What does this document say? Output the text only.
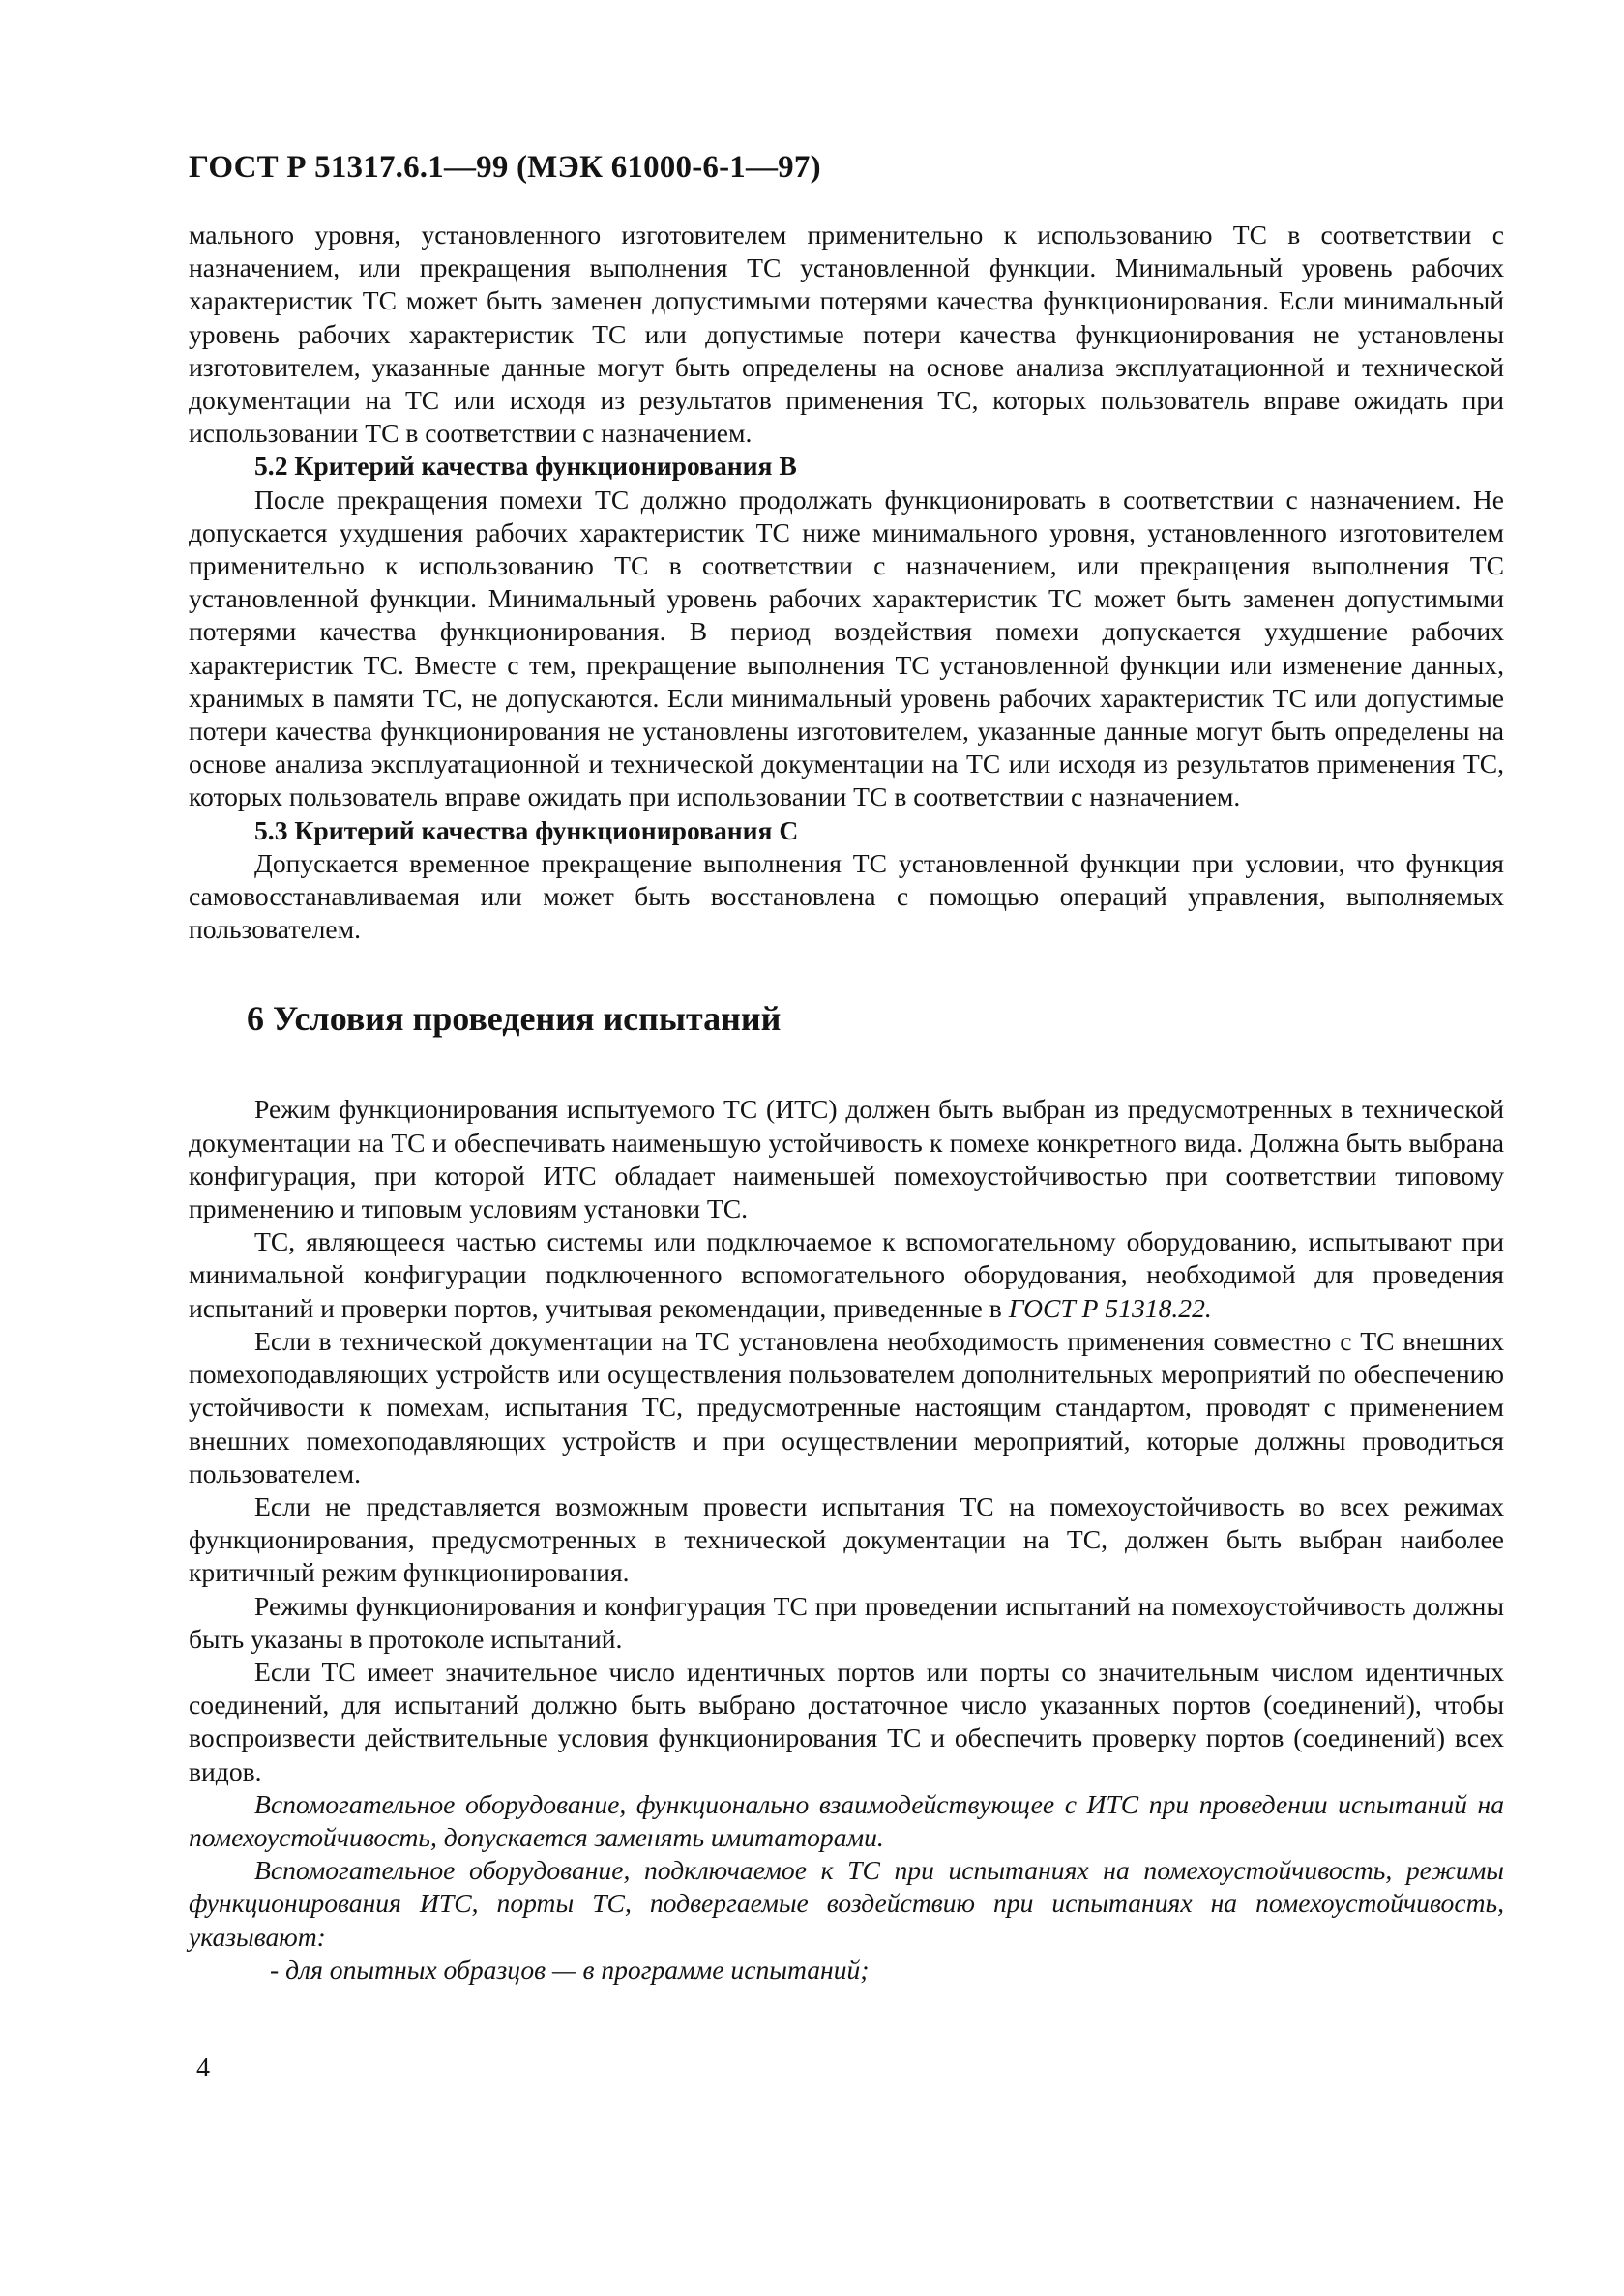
ГОСТ Р 51317.6.1—99 (МЭК 61000-6-1—97)

мального уровня, установленного изготовителем применительно к использованию ТС в соответствии с назначением, или прекращения выполнения ТС установленной функции. Минимальный уровень рабочих характеристик ТС может быть заменен допустимыми потерями качества функционирования. Если минимальный уровень рабочих характеристик ТС или допустимые потери качества функционирования не установлены изготовителем, указанные данные могут быть определены на основе анализа эксплуатационной и технической документации на ТС или исходя из результатов применения ТС, которых пользователь вправе ожидать при использовании ТС в соответствии с назначением.

5.2 Критерий качества функционирования В

После прекращения помехи ТС должно продолжать функционировать в соответствии с назначением. Не допускается ухудшения рабочих характеристик ТС ниже минимального уровня, установленного изготовителем применительно к использованию ТС в соответствии с назначением, или прекращения выполнения ТС установленной функции. Минимальный уровень рабочих характеристик ТС может быть заменен допустимыми потерями качества функционирования. В период воздействия помехи допускается ухудшение рабочих характеристик ТС. Вместе с тем, прекращение выполнения ТС установленной функции или изменение данных, хранимых в памяти ТС, не допускаются. Если минимальный уровень рабочих характеристик ТС или допустимые потери качества функционирования не установлены изготовителем, указанные данные могут быть определены на основе анализа эксплуатационной и технической документации на ТС или исходя из результатов применения ТС, которых пользователь вправе ожидать при использовании ТС в соответствии с назначением.

5.3 Критерий качества функционирования С

Допускается временное прекращение выполнения ТС установленной функции при условии, что функция самовосстанавливаемая или может быть восстановлена с помощью операций управления, выполняемых пользователем.

6 Условия проведения испытаний

Режим функционирования испытуемого ТС (ИТС) должен быть выбран из предусмотренных в технической документации на ТС и обеспечивать наименьшую устойчивость к помехе конкретного вида. Должна быть выбрана конфигурация, при которой ИТС обладает наименьшей помехоустойчивостью при соответствии типовому применению и типовым условиям установки ТС.

ТС, являющееся частью системы или подключаемое к вспомогательному оборудованию, испытывают при минимальной конфигурации подключенного вспомогательного оборудования, необходимой для проведения испытаний и проверки портов, учитывая рекомендации, приведенные в ГОСТ Р 51318.22.

Если в технической документации на ТС установлена необходимость применения совместно с ТС внешних помехоподавляющих устройств или осуществления пользователем дополнительных мероприятий по обеспечению устойчивости к помехам, испытания ТС, предусмотренные настоящим стандартом, проводят с применением внешних помехоподавляющих устройств и при осуществлении мероприятий, которые должны проводиться пользователем.

Если не представляется возможным провести испытания ТС на помехоустойчивость во всех режимах функционирования, предусмотренных в технической документации на ТС, должен быть выбран наиболее критичный режим функционирования.

Режимы функционирования и конфигурация ТС при проведении испытаний на помехоустойчивость должны быть указаны в протоколе испытаний.

Если ТС имеет значительное число идентичных портов или порты со значительным числом идентичных соединений, для испытаний должно быть выбрано достаточное число указанных портов (соединений), чтобы воспроизвести действительные условия функционирования ТС и обеспечить проверку портов (соединений) всех видов.

Вспомогательное оборудование, функционально взаимодействующее с ИТС при проведении испытаний на помехоустойчивость, допускается заменять имитаторами.

Вспомогательное оборудование, подключаемое к ТС при испытаниях на помехоустойчивость, режимы функционирования ИТС, порты ТС, подвергаемые воздействию при испытаниях на помехоустойчивость, указывают:

- для опытных образцов — в программе испытаний;

4
